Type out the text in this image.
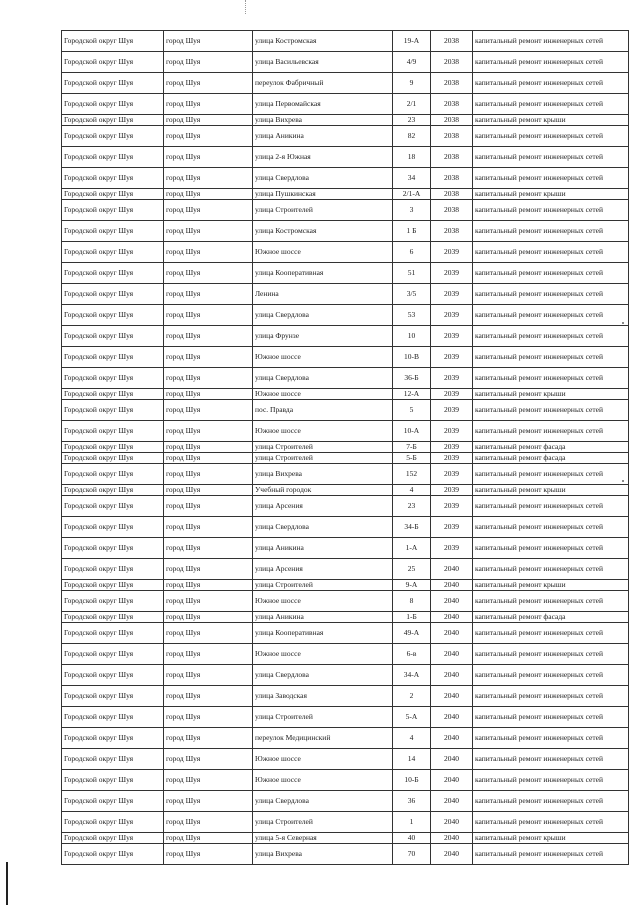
Городской округ Шуя	город Шуя	улица Костромская	19-А	2038	капитальный ремонт инженерных сетей
Городской округ Шуя	город Шуя	улица Васильевская	4/9	2038	капитальный ремонт инженерных сетей
Городской округ Шуя	город Шуя	переулок Фабричный	9	2038	капитальный ремонт инженерных сетей
Городской округ Шуя	город Шуя	улица Первомайская	2/1	2038	капитальный ремонт инженерных сетей
Городской округ Шуя	город Шуя	улица Вихрева	23	2038	капитальный ремонт крыши
Городской округ Шуя	город Шуя	улица Аникина	82	2038	капитальный ремонт инженерных сетей
Городской округ Шуя	город Шуя	улица 2-я Южная	18	2038	капитальный ремонт инженерных сетей
Городской округ Шуя	город Шуя	улица Свердлова	34	2038	капитальный ремонт инженерных сетей
Городской округ Шуя	город Шуя	улица Пушкинская	2/1-А	2038	капитальный ремонт крыши
Городской округ Шуя	город Шуя	улица Строителей	3	2038	капитальный ремонт инженерных сетей
Городской округ Шуя	город Шуя	улица Костромская	1 Б	2038	капитальный ремонт инженерных сетей
Городской округ Шуя	город Шуя	Южное шоссе	6	2039	капитальный ремонт инженерных сетей
Городской округ Шуя	город Шуя	улица Кооперативная	51	2039	капитальный ремонт инженерных сетей
Городской округ Шуя	город Шуя	Ленина	3/5	2039	капитальный ремонт инженерных сетей
Городской округ Шуя	город Шуя	улица Свердлова	53	2039	капитальный ремонт инженерных сетей
Городской округ Шуя	город Шуя	улица Фрунзе	10	2039	капитальный ремонт инженерных сетей
Городской округ Шуя	город Шуя	Южное шоссе	10-В	2039	капитальный ремонт инженерных сетей
Городской округ Шуя	город Шуя	улица Свердлова	36-Б	2039	капитальный ремонт инженерных сетей
Городской округ Шуя	город Шуя	Южное шоссе	12-А	2039	капитальный ремонт крыши
Городской округ Шуя	город Шуя	пос. Правда	5	2039	капитальный ремонт инженерных сетей
Городской округ Шуя	город Шуя	Южное шоссе	10-А	2039	капитальный ремонт инженерных сетей
Городской округ Шуя	город Шуя	улица Строителей	7-Б	2039	капитальный ремонт фасада
Городской округ Шуя	город Шуя	улица Строителей	5-Б	2039	капитальный ремонт фасада
Городской округ Шуя	город Шуя	улица Вихрева	152	2039	капитальный ремонт инженерных сетей
Городской округ Шуя	город Шуя	Учебный городок	4	2039	капитальный ремонт крыши
Городской округ Шуя	город Шуя	улица Арсения	23	2039	капитальный ремонт инженерных сетей
Городской округ Шуя	город Шуя	улица Свердлова	34-Б	2039	капитальный ремонт инженерных сетей
Городской округ Шуя	город Шуя	улица Аникина	1-А	2039	капитальный ремонт инженерных сетей
Городской округ Шуя	город Шуя	улица Арсения	25	2040	капитальный ремонт инженерных сетей
Городской округ Шуя	город Шуя	улица Строителей	9-А	2040	капитальный ремонт крыши
Городской округ Шуя	город Шуя	Южное шоссе	8	2040	капитальный ремонт инженерных сетей
Городской округ Шуя	город Шуя	улица Аникина	1-Б	2040	капитальный ремонт фасада
Городской округ Шуя	город Шуя	улица Кооперативная	49-А	2040	капитальный ремонт инженерных сетей
Городской округ Шуя	город Шуя	Южное шоссе	6-в	2040	капитальный ремонт инженерных сетей
Городской округ Шуя	город Шуя	улица Свердлова	34-А	2040	капитальный ремонт инженерных сетей
Городской округ Шуя	город Шуя	улица Заводская	2	2040	капитальный ремонт инженерных сетей
Городской округ Шуя	город Шуя	улица Строителей	5-А	2040	капитальный ремонт инженерных сетей
Городской округ Шуя	город Шуя	переулок Медицинский	4	2040	капитальный ремонт инженерных сетей
Городской округ Шуя	город Шуя	Южное шоссе	14	2040	капитальный ремонт инженерных сетей
Городской округ Шуя	город Шуя	Южное шоссе	10-Б	2040	капитальный ремонт инженерных сетей
Городской округ Шуя	город Шуя	улица Свердлова	36	2040	капитальный ремонт инженерных сетей
Городской округ Шуя	город Шуя	улица Строителей	1	2040	капитальный ремонт инженерных сетей
Городской округ Шуя	город Шуя	улица 5-я Северная	40	2040	капитальный ремонт крыши
Городской округ Шуя	город Шуя	улица Вихрева	70	2040	капитальный ремонт инженерных сетей
